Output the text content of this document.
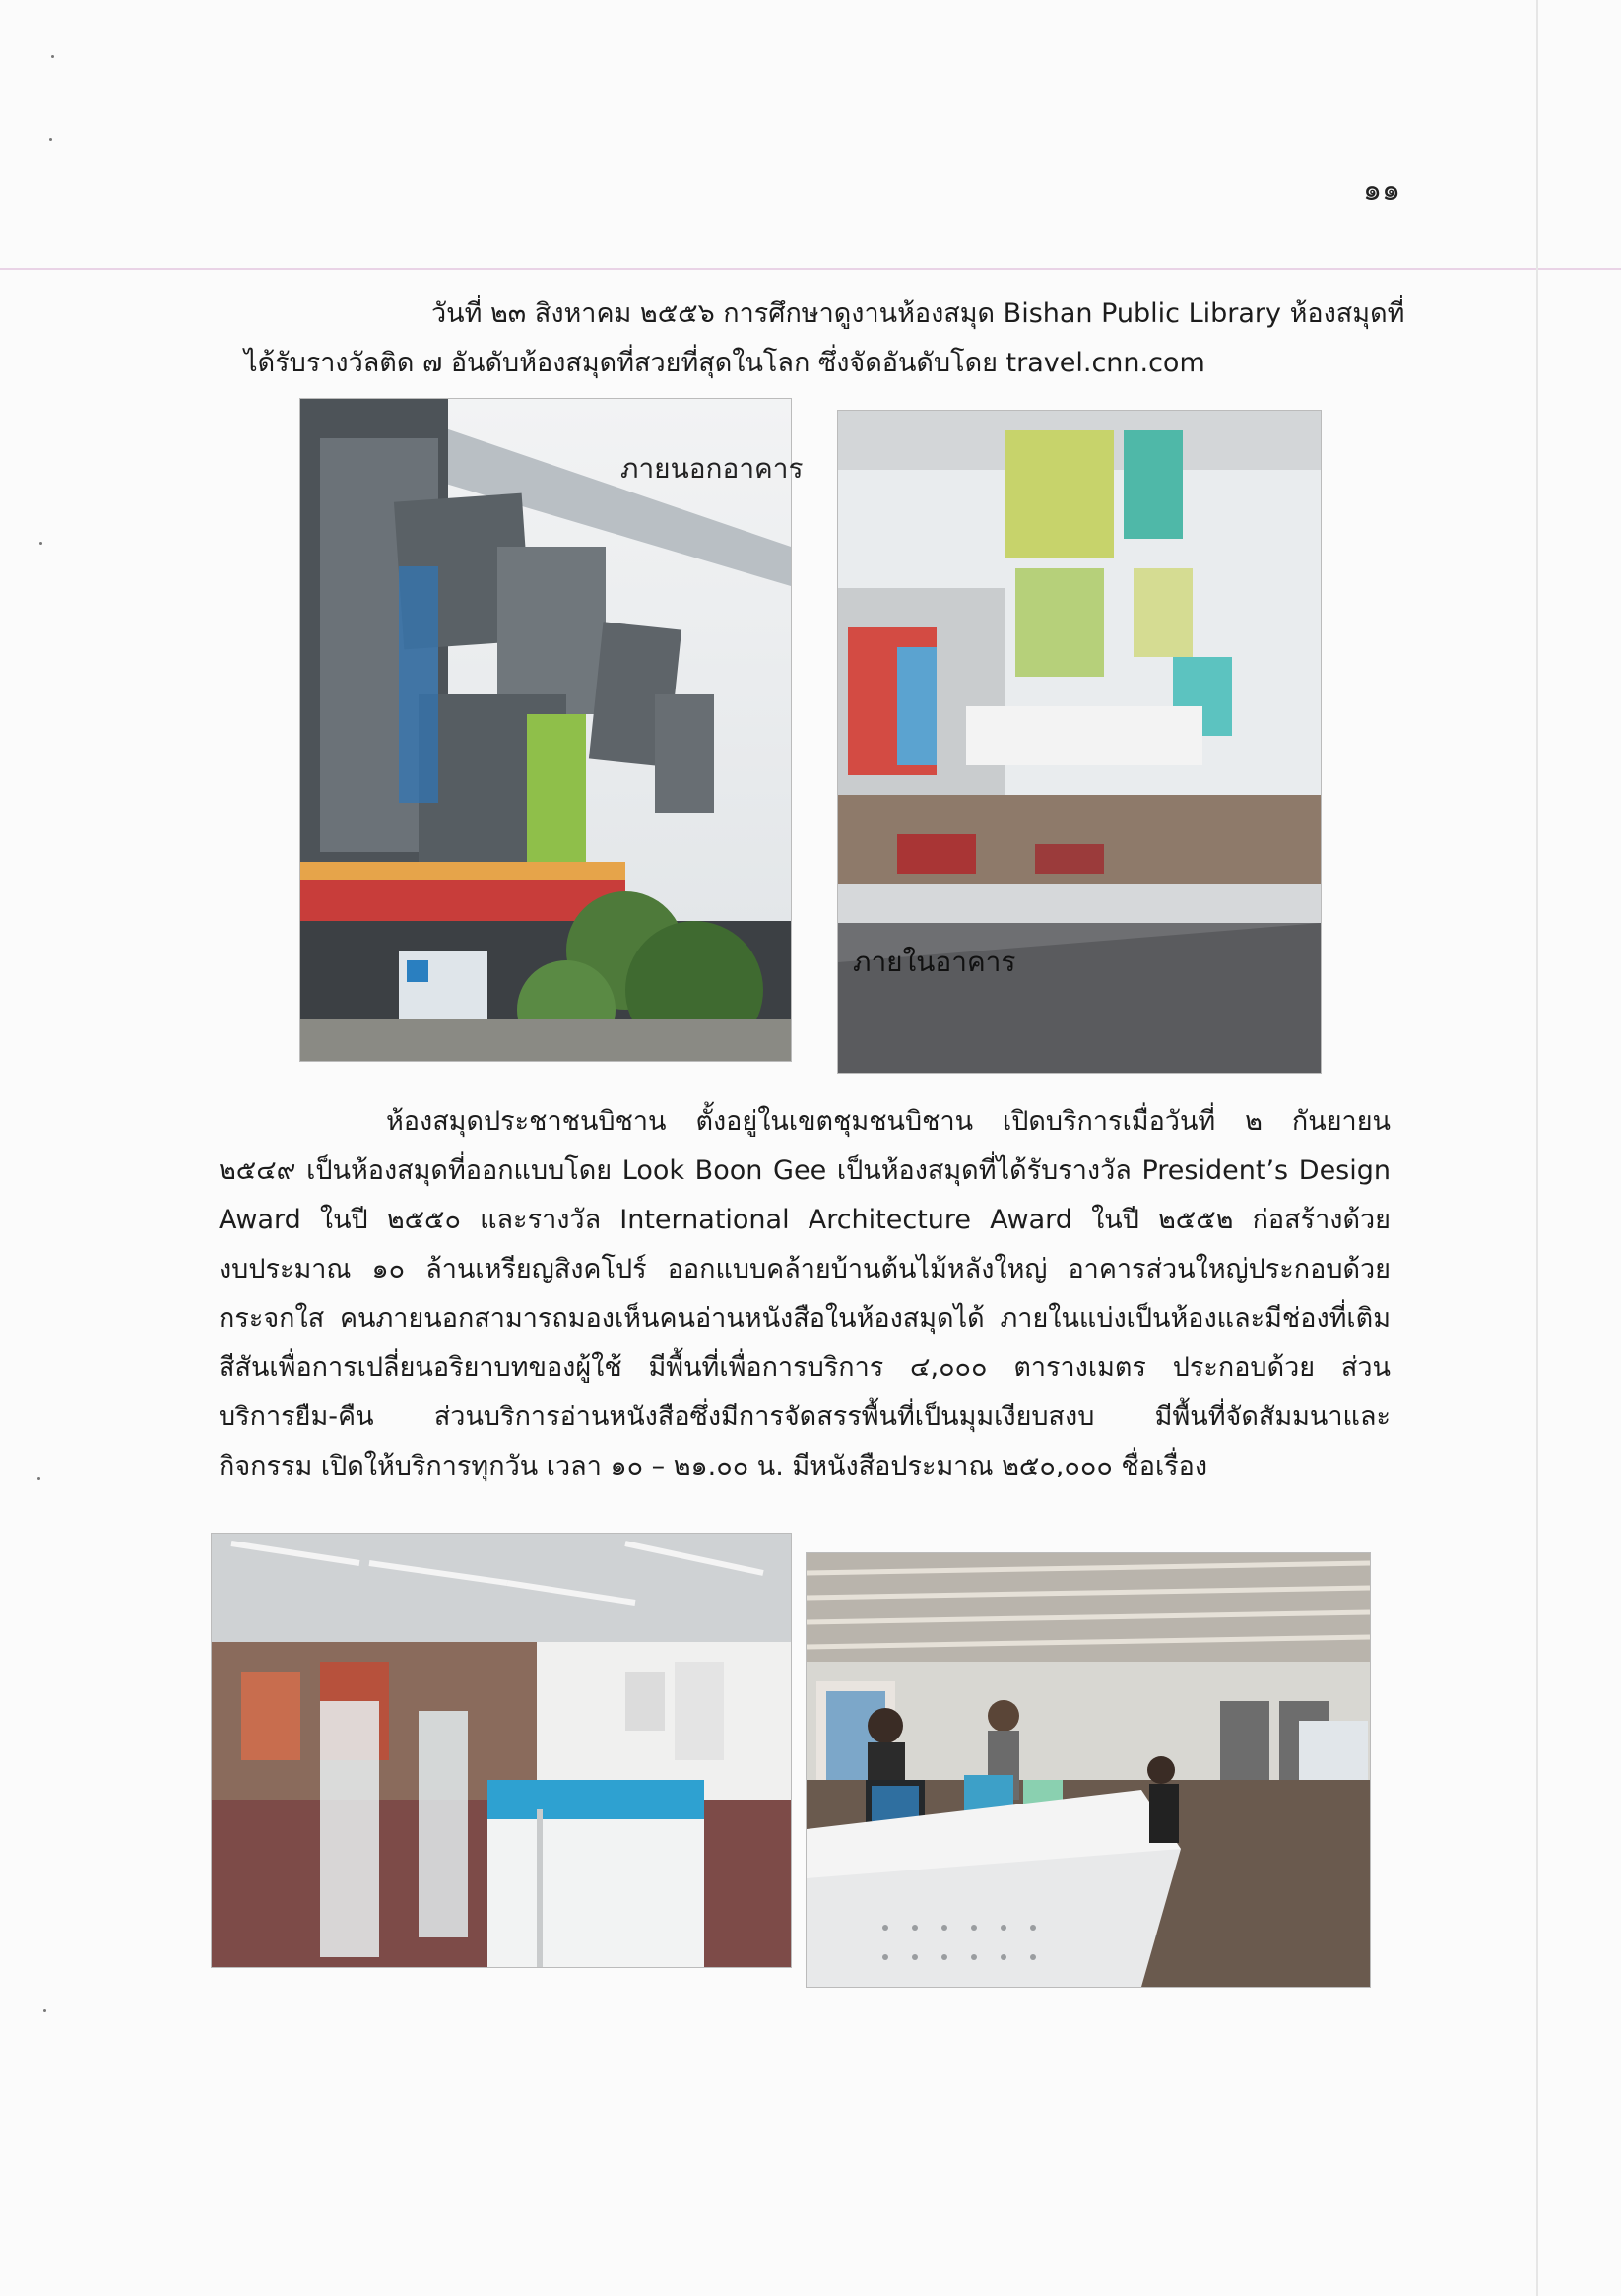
๑๑
วันที่ ๒๓ สิงหาคม ๒๕๕๖ การศึกษาดูงานห้องสมุด Bishan Public Library ห้องสมุดที่
ได้รับรางวัลติด ๗ อันดับห้องสมุดที่สวยที่สุดในโลก ซึ่งจัดอันดับโดย travel.cnn.com
ภายนอกอาคาร
ภายในอาคาร
ห้องสมุดประชาชนบิชาน ตั้งอยู่ในเขตชุมชนบิชาน เปิดบริการเมื่อวันที่ ๒ กันยายน
๒๕๔๙ เป็นห้องสมุดที่ออกแบบโดย Look Boon Gee เป็นห้องสมุดที่ได้รับรางวัล President’s Design
Award ในปี ๒๕๕๐ และรางวัล International Architecture Award ในปี ๒๕๕๒ ก่อสร้างด้วย
งบประมาณ ๑๐ ล้านเหรียญสิงคโปร์ ออกแบบคล้ายบ้านต้นไม้หลังใหญ่ อาคารส่วนใหญ่ประกอบด้วย
กระจกใส คนภายนอกสามารถมองเห็นคนอ่านหนังสือในห้องสมุดได้ ภายในแบ่งเป็นห้องและมีช่องที่เติม
สีสันเพื่อการเปลี่ยนอริยาบทของผู้ใช้ มีพื้นที่เพื่อการบริการ ๔,๐๐๐ ตารางเมตร ประกอบด้วย ส่วน
บริการยืม-คืน ส่วนบริการอ่านหนังสือซึ่งมีการจัดสรรพื้นที่เป็นมุมเงียบสงบ มีพื้นที่จัดสัมมนาและ
กิจกรรม เปิดให้บริการทุกวัน เวลา ๑๐ – ๒๑.๐๐ น. มีหนังสือประมาณ ๒๕๐,๐๐๐ ชื่อเรื่อง
